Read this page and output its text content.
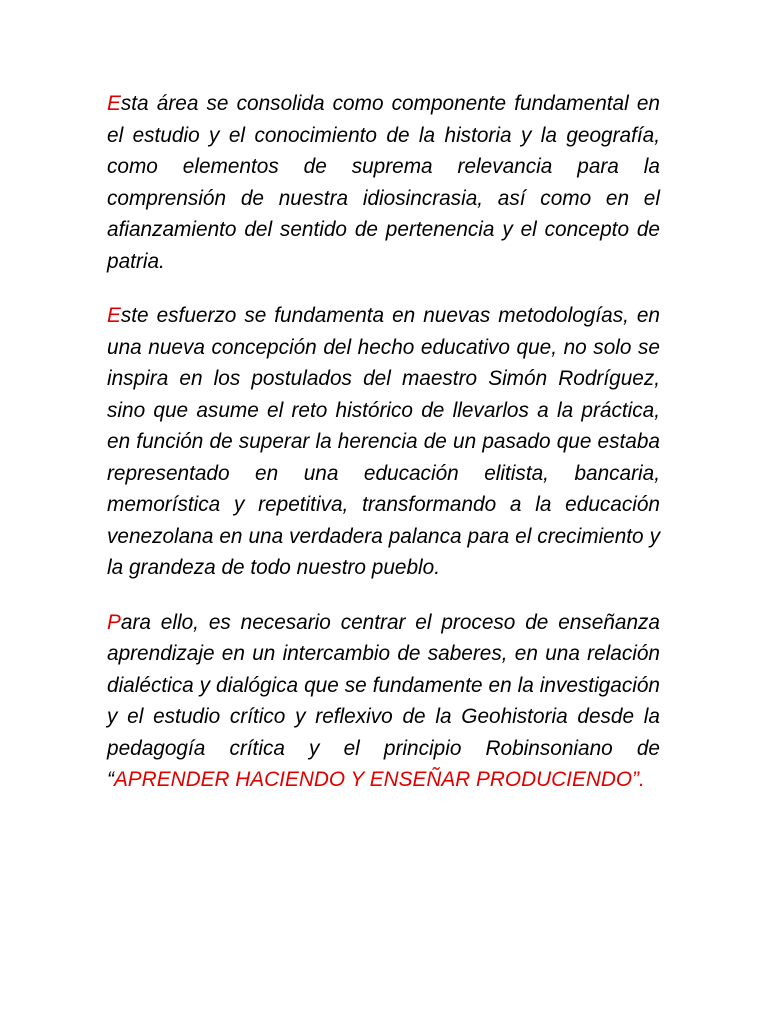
Esta área se consolida como componente fundamental en el estudio y el conocimiento de la historia y la geografía, como elementos de suprema relevancia para la comprensión de nuestra idiosincrasia, así como en el afianzamiento del sentido de pertenencia y el concepto de patria.

Este esfuerzo se fundamenta en nuevas metodologías, en una nueva concepción del hecho educativo que, no solo se inspira en los postulados del maestro Simón Rodríguez, sino que asume el reto histórico de llevarlos a la práctica, en función de superar la herencia de un pasado que estaba representado en una educación elitista, bancaria, memorística y repetitiva, transformando a la educación venezolana en una verdadera palanca para el crecimiento y la grandeza de todo nuestro pueblo.

Para ello, es necesario centrar el proceso de enseñanza aprendizaje en un intercambio de saberes, en una relación dialéctica y dialógica que se fundamente en la investigación y el estudio crítico y reflexivo de la Geohistoria desde la pedagogía crítica y el principio Robinsoniano de “APRENDER HACIENDO Y ENSEÑAR PRODUCIENDO”.
